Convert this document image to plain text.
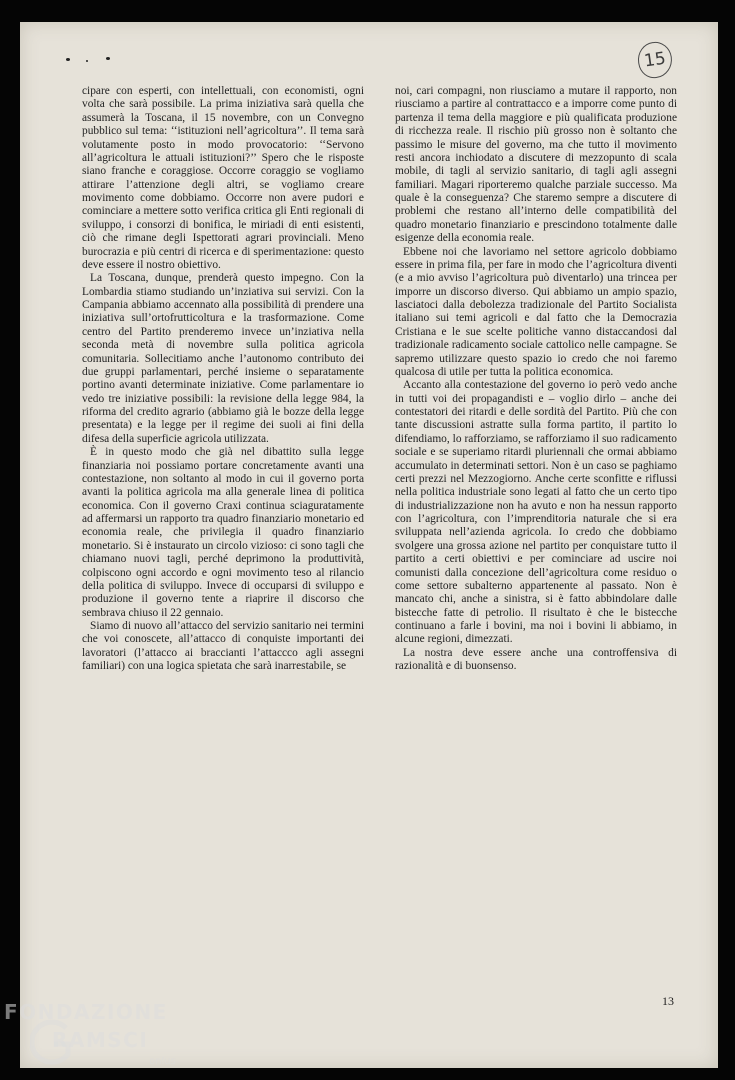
15

cipare con esperti, con intellettuali, con economisti, ogni volta che sarà possibile. La prima iniziativa sarà quella che assumerà la Toscana, il 15 novembre, con un Convegno pubblico sul tema: ‘‘istituzioni nell’agricoltura’’. Il tema sarà volutamente posto in modo provocatorio: ‘‘Servono all’agricoltura le attuali istituzioni?’’ Spero che le risposte siano franche e coraggiose. Occorre coraggio se vogliamo attirare l’attenzione degli altri, se vogliamo creare movimento come dobbiamo. Occorre non avere pudori e cominciare a mettere sotto verifica critica gli Enti regionali di sviluppo, i consorzi di bonifica, le miriadi di enti esistenti, ciò che rimane degli Ispettorati agrari provinciali. Meno burocrazia e più centri di ricerca e di sperimentazione: questo deve essere il nostro obiettivo.

La Toscana, dunque, prenderà questo impegno. Con la Lombardia stiamo studiando un’inziativa sui servizi. Con la Campania abbiamo accennato alla possibilità di prendere una iniziativa sull’ortofrutticoltura e la trasformazione. Come centro del Partito prenderemo invece un’inziativa nella seconda metà di novembre sulla politica agricola comunitaria. Sollecitiamo anche l’autonomo contributo dei due gruppi parlamentari, perché insieme o separatamente portino avanti determinate iniziative. Come parlamentare io vedo tre iniziative possibili: la revisione della legge 984, la riforma del credito agrario (abbiamo già le bozze della legge presentata) e la legge per il regime dei suoli ai fini della difesa della superficie agricola utilizzata.

È in questo modo che già nel dibattito sulla legge finanziaria noi possiamo portare concretamente avanti una contestazione, non soltanto al modo in cui il governo porta avanti la politica agricola ma alla generale linea di politica economica. Con il governo Craxi continua sciaguratamente ad affermarsi un rapporto tra quadro finanziario monetario ed economia reale, che privilegia il quadro finanziario monetario. Si è instaurato un circolo vizioso: ci sono tagli che chiamano nuovi tagli, perché deprimono la produttività, colpiscono ogni accordo e ogni movimento teso al rilancio della politica di sviluppo. Invece di occuparsi di sviluppo e produzione il governo tente a riaprire il discorso che sembrava chiuso il 22 gennaio.

Siamo di nuovo all’attacco del servizio sanitario nei termini che voi conoscete, all’attacco di conquiste importanti dei lavoratori (l’attacco ai braccianti l’attaccco agli assegni familiari) con una logica spietata che sarà inarrestabile, se

noi, cari compagni, non riusciamo a mutare il rapporto, non riusciamo a partire al contrattacco e a imporre come punto di partenza il tema della maggiore e più qualificata produzione di ricchezza reale. Il rischio più grosso non è soltanto che passimo le misure del governo, ma che tutto il movimento resti ancora inchiodato a discutere di mezzopunto di scala mobile, di tagli al servizio sanitario, di tagli agli assegni familiari. Magari riporteremo qualche parziale successo. Ma quale è la conseguenza? Che staremo sempre a discutere di problemi che restano all’interno delle compatibilità del quadro monetario finanziario e prescindono totalmente dalle esigenze della economia reale.

Ebbene noi che lavoriamo nel settore agricolo dobbiamo essere in prima fila, per fare in modo che l’agricoltura diventi (e a mio avviso l’agricoltura può diventarlo) una trincea per imporre un discorso diverso. Qui abbiamo un ampio spazio, lasciatoci dalla debolezza tradizionale del Partito Socialista italiano sui temi agricoli e dal fatto che la Democrazia Cristiana e le sue scelte politiche vanno distaccandosi dal tradizionale radicamento sociale cattolico nelle campagne. Se sapremo utilizzare questo spazio io credo che noi faremo qualcosa di utile per tutta la politica economica.

Accanto alla contestazione del governo io però vedo anche in tutti voi dei propagandisti e – voglio dirlo – anche dei contestatori dei ritardi e delle sordità del Partito. Più che con tante discussioni astratte sulla forma partito, il partito lo difendiamo, lo rafforziamo, se rafforziamo il suo radicamento sociale e se superiamo ritardi pluriennali che ormai abbiamo accumulato in determinati settori. Non è un caso se paghiamo certi prezzi nel Mezzogiorno. Anche certe sconfitte e riflussi nella politica industriale sono legati al fatto che un certo tipo di industrializzazione non ha avuto e non ha nessun rapporto con l’agricoltura, con l’imprenditoria naturale che si era sviluppata nell’azienda agricola. Io credo che dobbiamo svolgere una grossa azione nel partito per conquistare tutto il partito a certi obiettivi e per cominciare ad uscire noi comunisti dalla concezione dell’agricoltura come residuo o come settore subalterno appartenente al passato. Non è mancato chi, anche a sinistra, si è fatto abbindolare dalle bistecche fatte di petrolio. Il risultato è che le bistecche continuano a farle i bovini, ma noi i bovini li abbiamo, in alcune regioni, dimezzati.

La nostra deve essere anche una controffensiva di razionalità e di buonsenso.

13
FONDAZIONE
RAMSCI
onlus
